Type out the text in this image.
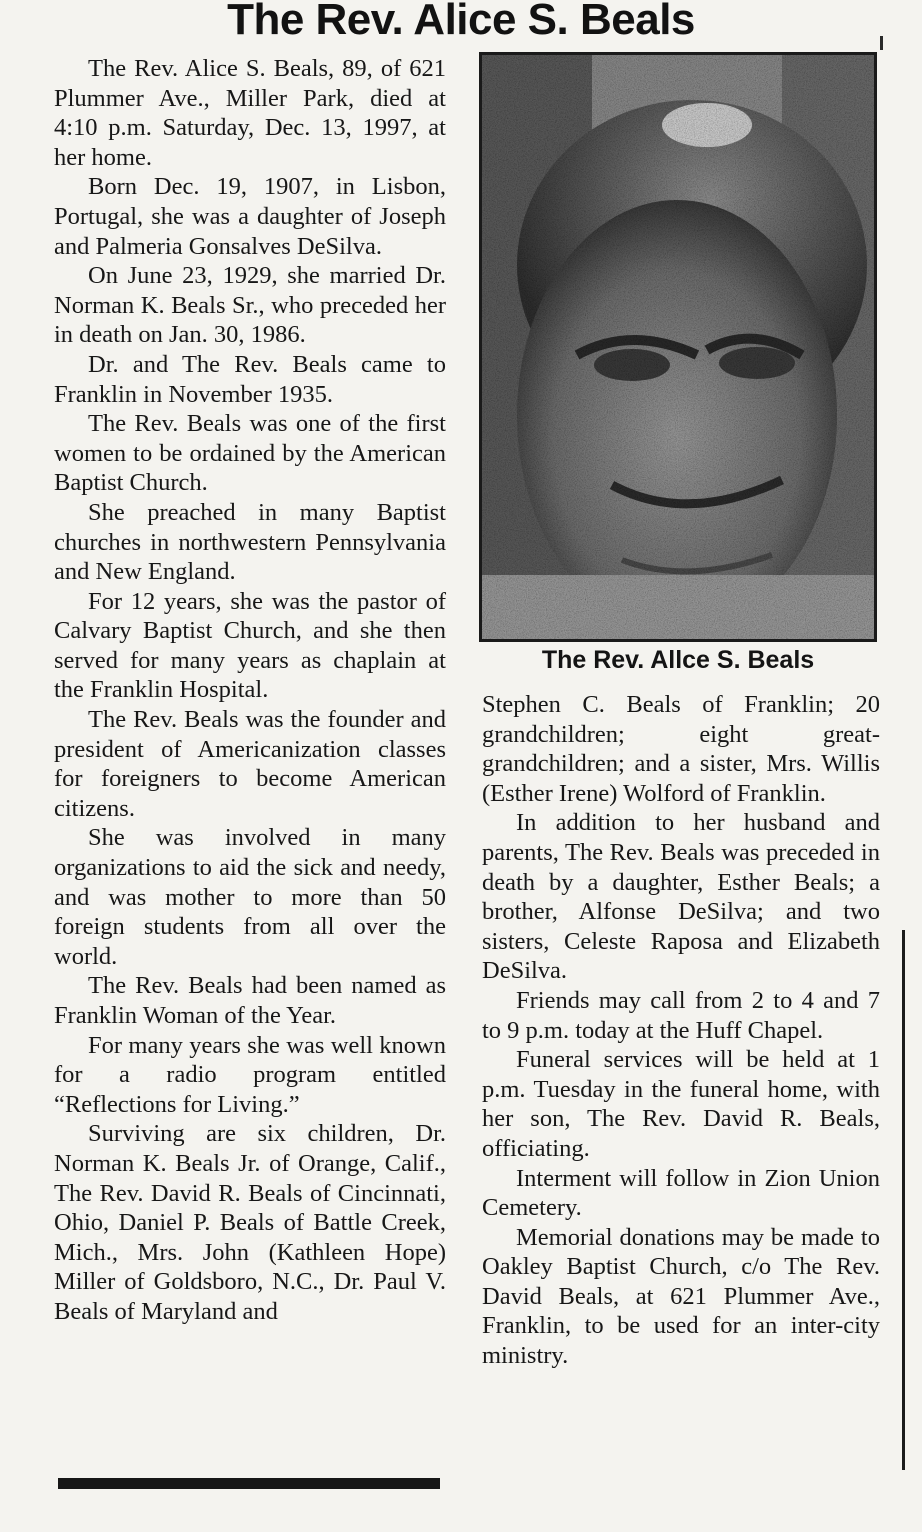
The Rev. Alice S. Beals

The Rev. Alice S. Beals, 89, of 621 Plummer Ave., Miller Park, died at 4:10 p.m. Saturday, Dec. 13, 1997, at her home.

Born Dec. 19, 1907, in Lisbon, Portugal, she was a daughter of Joseph and Palmeria Gonsalves DeSilva.

On June 23, 1929, she married Dr. Norman K. Beals Sr., who preceded her in death on Jan. 30, 1986.

Dr. and The Rev. Beals came to Franklin in November 1935.

The Rev. Beals was one of the first women to be ordained by the American Baptist Church.

She preached in many Baptist churches in northwestern Pennsylvania and New England.

For 12 years, she was the pastor of Calvary Baptist Church, and she then served for many years as chaplain at the Franklin Hospital.

The Rev. Beals was the founder and president of Americanization classes for foreigners to become American citizens.

She was involved in many organizations to aid the sick and needy, and was mother to more than 50 foreign students from all over the world.

The Rev. Beals had been named as Franklin Woman of the Year.

For many years she was well known for a radio program entitled “Reflections for Living.”

Surviving are six children, Dr. Norman K. Beals Jr. of Orange, Calif., The Rev. David R. Beals of Cincinnati, Ohio, Daniel P. Beals of Battle Creek, Mich., Mrs. John (Kathleen Hope) Miller of Goldsboro, N.C., Dr. Paul V. Beals of Maryland and

The Rev. Allce S. Beals

Stephen C. Beals of Franklin; 20 grandchildren; eight great-grandchildren; and a sister, Mrs. Willis (Esther Irene) Wolford of Franklin.

In addition to her husband and parents, The Rev. Beals was preceded in death by a daughter, Esther Beals; a brother, Alfonse DeSilva; and two sisters, Celeste Raposa and Elizabeth DeSilva.

Friends may call from 2 to 4 and 7 to 9 p.m. today at the Huff Chapel.

Funeral services will be held at 1 p.m. Tuesday in the funeral home, with her son, The Rev. David R. Beals, officiating.

Interment will follow in Zion Union Cemetery.

Memorial donations may be made to Oakley Baptist Church, c/o The Rev. David Beals, at 621 Plummer Ave., Franklin, to be used for an inter-city ministry.
